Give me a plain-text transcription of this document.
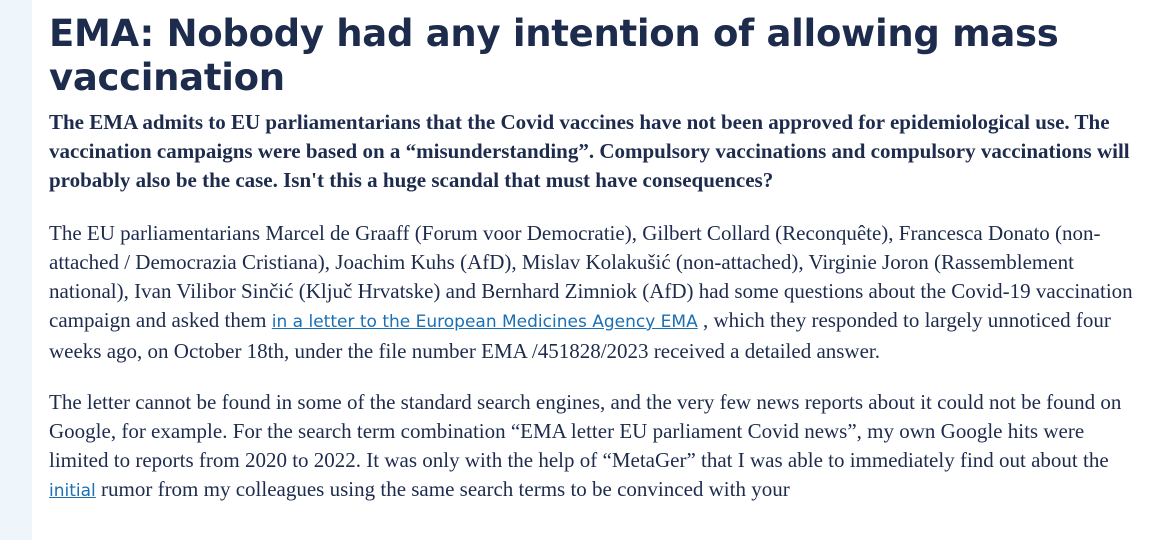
EMA: Nobody had any intention of allowing mass vaccination

The EMA admits to EU parliamentarians that the Covid vaccines have not been approved for epidemiological use. The vaccination campaigns were based on a “misunderstanding”. Compulsory vaccinations and compulsory vaccinations will probably also be the case. Isn't this a huge scandal that must have consequences?

The EU parliamentarians Marcel de Graaff (Forum voor Democratie), Gilbert Collard (Reconquête), Francesca Donato (non-attached / Democrazia Cristiana), Joachim Kuhs (AfD), Mislav Kolakušić (non-attached), Virginie Joron (Rassemblement national), Ivan Vilibor Sinčić (Ključ Hrvatske) and Bernhard Zimniok (AfD) had some questions about the Covid-19 vaccination campaign and asked them in a letter to the European Medicines Agency EMA , which they responded to largely unnoticed four weeks ago, on October 18th, under the file number EMA /451828/2023 received a detailed answer.

The letter cannot be found in some of the standard search engines, and the very few news reports about it could not be found on Google, for example. For the search term combination “EMA letter EU parliament Covid news”, my own Google hits were limited to reports from 2020 to 2022. It was only with the help of “MetaGer” that I was able to immediately find out about the initial rumor from my colleagues using the same search terms to be convinced with your
